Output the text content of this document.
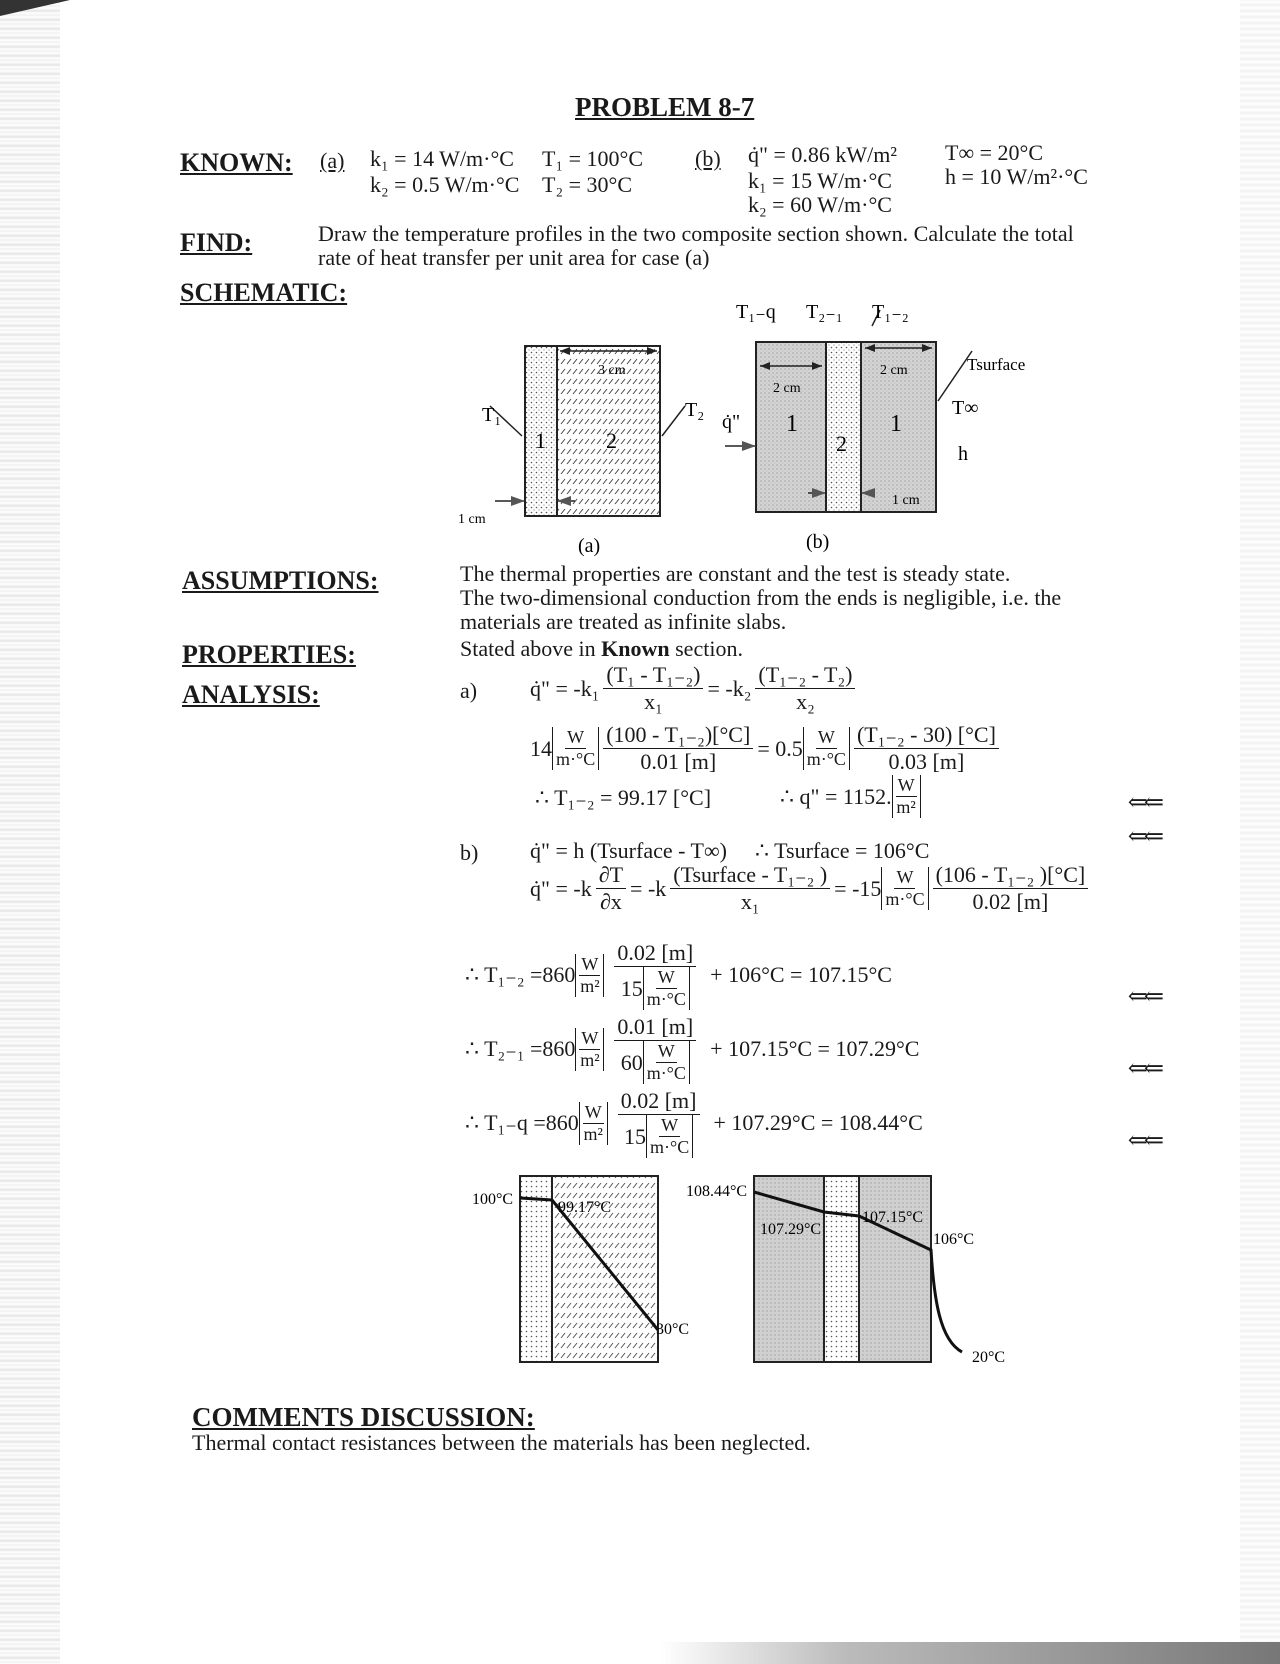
PROBLEM 8-7
KNOWN: (a) k₁ = 14 W/m·°C T₁ = 100°C
k₂ = 0.5 W/m·°C T₂ = 30°C
(b) q̇" = 0.86 kW/m²
k₁ = 15 W/m·°C
k₂ = 60 W/m·°C
T∞ = 20°C
h = 10 W/m²·°C
FIND:	Draw the temperature profiles in the two composite section shown. Calculate the total rate of heat transfer per unit area for case (a)
SCHEMATIC:
3 cm
1 cm
T₁	T₂
1	2
(a)
T₁₋q T₂₋₁ T₁₋₂
Tsurface
T∞
h
q̇"
2 cm
2 cm
1 cm
1
2
1
(b)
ASSUMPTIONS:	The thermal properties are constant and the test is steady state.
The two-dimensional conduction from the ends is negligible, i.e. the
materials are treated as infinite slabs.
PROPERTIES:	Stated above in Known section.
ANALYSIS:	a) q̇" = $-k_1 \frac{\text{(T₁ - T₁₋₂)}}{\text{x₁}} = -k_2 \frac{\text{(T₁₋₂ - T₂)}}{\text{x₂}}$
$14 \frac{W}{m\cdot^\circ C} \frac{\text{(100 - T₁₋₂)[°C]}}{0.01 [m]} = 0.5 \frac{W}{m\cdot^\circ C} \frac{\text{(T₁₋₂ - 30) [°C]}}{0.03 [m]}$
∴ T₁₋₂ = 99.17 [°C]	∴ q" = 1152. $\frac{W}{\text{m²}}$	⇐⇐
b) q̇" = h (Tsurface - T∞) ∴ Tsurface = 106°C
⇐⇐
q̇" = $-k \frac{\partial T}{\partial x} = -k \frac{\text{(Tsurface - T₁₋₂ )}}{\text{x₁}} = -15 \frac{W}{m\cdot^\circ C} \frac{\text{(106 - T₁₋₂ )[°C]}}{0.02 [m]}$
∴ $T_{1-2} =860 \frac{W}{\text{m²}} \frac{0.02 [m]}{15 \frac{W}{m\cdot^\circ C}} + 106^\circ C = 107.15^\circ C$
⇐⇐
∴ $T_{2-1} =860 \frac{W}{\text{m²}} \frac{0.01 [m]}{60 \frac{W}{m\cdot^\circ C}} + 107.15^\circ C = 107.29^\circ C$
⇐⇐
∴ $T_{1-}q =860 \frac{W}{\text{m²}} \frac{0.02 [m]}{15 \frac{W}{m\cdot^\circ C}} + 107.29^\circ C = 108.44^\circ C$
⇐⇐
100°C	99.17°C
30°C
108.44°C
107.29°C
107.15°C
106°C
20°C
COMMENTS DISCUSSION:
Thermal contact resistances between the materials has been neglected.
